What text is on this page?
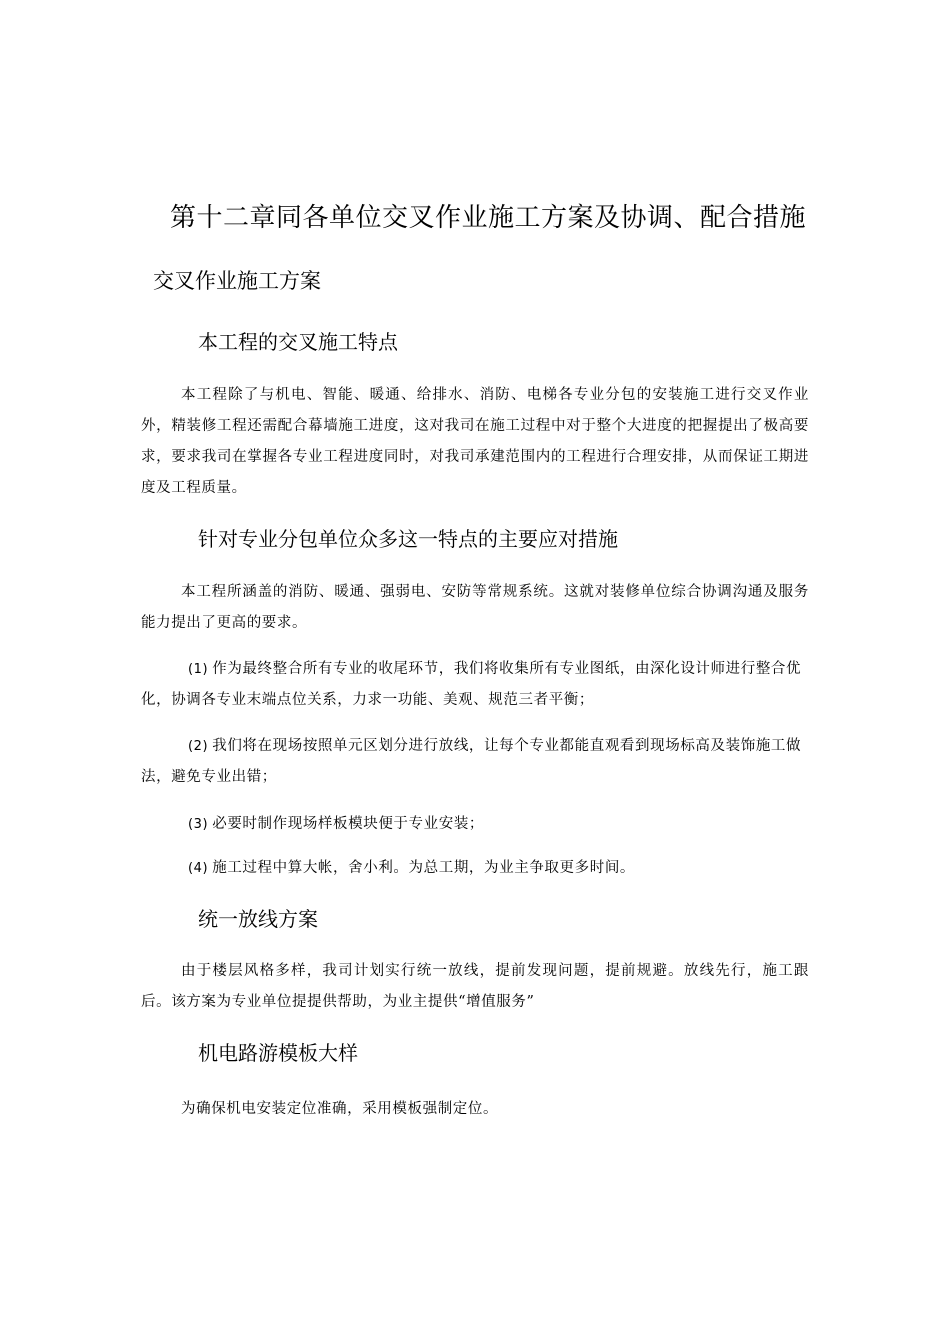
第十二章同各单位交叉作业施工方案及协调、配合措施
交叉作业施工方案
本工程的交叉施工特点

本工程除了与机电、智能、暖通、给排水、消防、电梯各专业分包的安装施工进行交叉作业外，精装修工程还需配合幕墙施工进度，这对我司在施工过程中对于整个大进度的把握提出了极高要求，要求我司在掌握各专业工程进度同时，对我司承建范围内的工程进行合理安排，从而保证工期进度及工程质量。

针对专业分包单位众多这一特点的主要应对措施

本工程所涵盖的消防、暖通、强弱电、安防等常规系统。这就对装修单位综合协调沟通及服务能力提出了更高的要求。

(1) 作为最终整合所有专业的收尾环节，我们将收集所有专业图纸，由深化设计师进行整合优化，协调各专业末端点位关系，力求一功能、美观、规范三者平衡；

(2) 我们将在现场按照单元区划分进行放线，让每个专业都能直观看到现场标高及装饰施工做法，避免专业出错；

(3) 必要时制作现场样板模块便于专业安装；

(4) 施工过程中算大帐，舍小利。为总工期，为业主争取更多时间。

统一放线方案

由于楼层风格多样，我司计划实行统一放线，提前发现问题，提前规避。放线先行，施工跟后。该方案为专业单位提提供帮助，为业主提供“增值服务”

机电路游模板大样

为确保机电安装定位准确，采用模板强制定位。
